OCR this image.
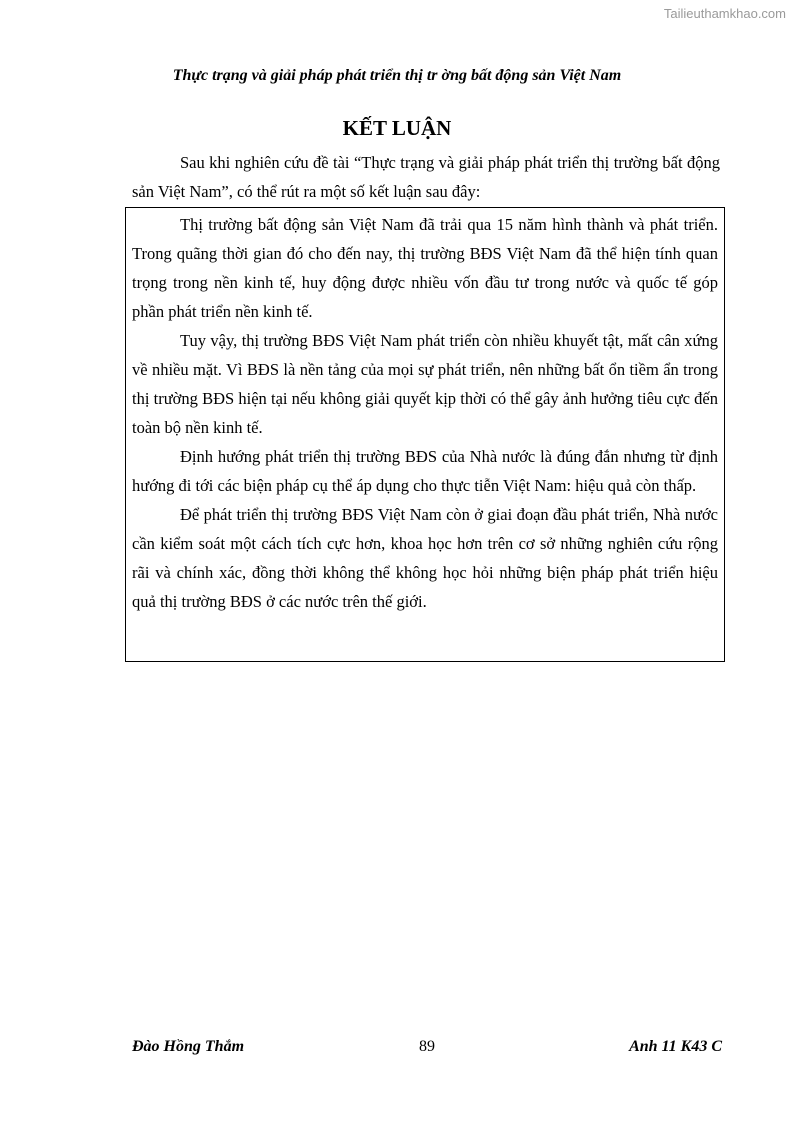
Tailieuthamkhao.com
Thực trạng và giải pháp phát triển thị tr ờng bất động sản Việt Nam
KẾT LUẬN

Sau khi nghiên cứu đề tài “Thực trạng và giải pháp phát triển thị trường bất động sản Việt Nam”, có thể rút ra một số kết luận sau đây:

Thị trường bất động sản Việt Nam đã trải qua 15 năm hình thành và phát triển. Trong quãng thời gian đó cho đến nay, thị trường BĐS Việt Nam đã thể hiện tính quan trọng trong nền kinh tế, huy động được nhiều vốn đầu tư trong nước và quốc tế góp phần phát triển nền kinh tế.

Tuy vậy, thị trường BĐS Việt Nam phát triển còn nhiều khuyết tật, mất cân xứng về nhiều mặt. Vì BĐS là nền tảng của mọi sự phát triển, nên những bất ổn tiềm ẩn trong thị trường BĐS hiện tại nếu không giải quyết kịp thời có thể gây ảnh hưởng tiêu cực đến toàn bộ nền kinh tế.

Định hướng phát triển thị trường BĐS của Nhà nước là đúng đắn nhưng từ định hướng đi tới các biện pháp cụ thể áp dụng cho thực tiễn Việt Nam: hiệu quả còn thấp.

Để phát triển thị trường BĐS Việt Nam còn ở giai đoạn đầu phát triển, Nhà nước cần kiểm soát một cách tích cực hơn, khoa học hơn trên cơ sở những nghiên cứu rộng rãi và chính xác, đồng thời không thể không học hỏi những biện pháp phát triển hiệu quả thị trường BĐS ở các nước trên thế giới.

89
Đào Hồng Thắm	Anh 11 K43 C
